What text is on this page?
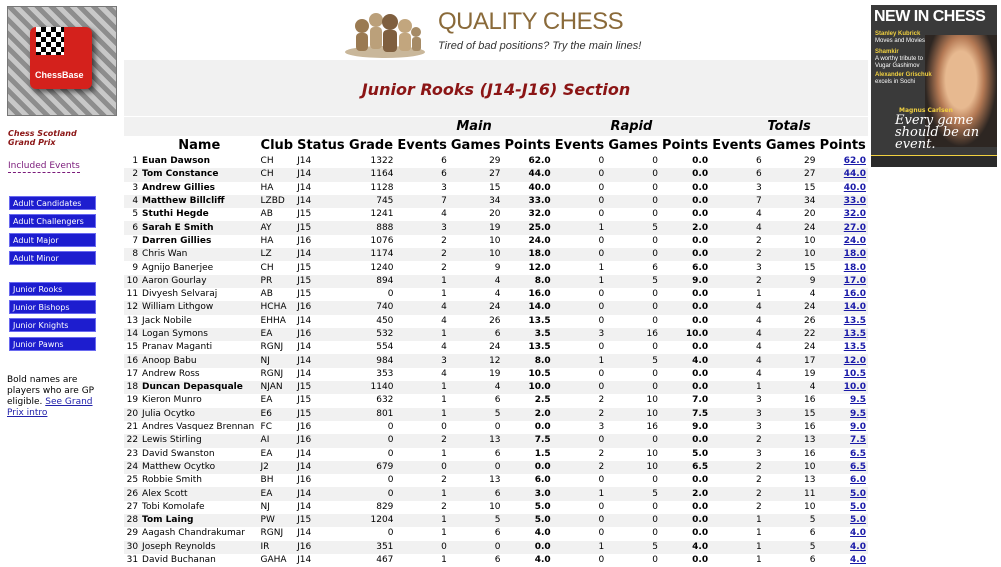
ChessBase
Chess Scotland
Grand Prix
Included Events
Adult Candidates
Adult Challengers
Adult Major
Adult Minor
Junior Rooks
Junior Bishops
Junior Knights
Junior Pawns
Bold names are players who are GP eligible. See Grand Prix intro
QUALITY CHESS
Tired of bad positions? Try the main lines!
NEW IN CHESS
Stanley Kubrick
Moves and Movies
Shamkir
A worthy tribute to Vugar Gashimov
Alexander Grischuk
excels in Sochi
Magnus Carlsen
Every game should be an event.
Junior Rooks (J14-J16) Section
					Main			Rapid			Totals		
	Name	Club	Status	Grade	Events	Games	Points	Events	Games	Points	Events	Games	Points
1	Euan Dawson	CH	J14	1322	6	29	62.0	0	0	0.0	6	29	62.0
2	Tom Constance	CH	J14	1164	6	27	44.0	0	0	0.0	6	27	44.0
3	Andrew Gillies	HA	J14	1128	3	15	40.0	0	0	0.0	3	15	40.0
4	Matthew Billcliff	LZBD	J14	745	7	34	33.0	0	0	0.0	7	34	33.0
5	Stuthi Hegde	AB	J15	1241	4	20	32.0	0	0	0.0	4	20	32.0
6	Sarah E Smith	AY	J15	888	3	19	25.0	1	5	2.0	4	24	27.0
7	Darren Gillies	HA	J16	1076	2	10	24.0	0	0	0.0	2	10	24.0
8	Chris Wan	LZ	J14	1174	2	10	18.0	0	0	0.0	2	10	18.0
9	Agnijo Banerjee	CH	J15	1240	2	9	12.0	1	6	6.0	3	15	18.0
10	Aaron Gourlay	PR	J15	894	1	4	8.0	1	5	9.0	2	9	17.0
11	Divyesh Selvaraj	AB	J15	0	1	4	16.0	0	0	0.0	1	4	16.0
12	William Lithgow	HCHA	J16	740	4	24	14.0	0	0	0.0	4	24	14.0
13	Jack Nobile	EHHA	J14	450	4	26	13.5	0	0	0.0	4	26	13.5
14	Logan Symons	EA	J16	532	1	6	3.5	3	16	10.0	4	22	13.5
15	Pranav Maganti	RGNJ	J14	554	4	24	13.5	0	0	0.0	4	24	13.5
16	Anoop Babu	NJ	J14	984	3	12	8.0	1	5	4.0	4	17	12.0
17	Andrew Ross	RGNJ	J14	353	4	19	10.5	0	0	0.0	4	19	10.5
18	Duncan Depasquale	NJAN	J15	1140	1	4	10.0	0	0	0.0	1	4	10.0
19	Kieron Munro	EA	J15	632	1	6	2.5	2	10	7.0	3	16	9.5
20	Julia Ocytko	E6	J15	801	1	5	2.0	2	10	7.5	3	15	9.5
21	Andres Vasquez Brennan	FC	J16	0	0	0	0.0	3	16	9.0	3	16	9.0
22	Lewis Stirling	AI	J16	0	2	13	7.5	0	0	0.0	2	13	7.5
23	David Swanston	EA	J14	0	1	6	1.5	2	10	5.0	3	16	6.5
24	Matthew Ocytko	J2	J14	679	0	0	0.0	2	10	6.5	2	10	6.5
25	Robbie Smith	BH	J16	0	2	13	6.0	0	0	0.0	2	13	6.0
26	Alex Scott	EA	J14	0	1	6	3.0	1	5	2.0	2	11	5.0
27	Tobi Komolafe	NJ	J14	829	2	10	5.0	0	0	0.0	2	10	5.0
28	Tom Laing	PW	J15	1204	1	5	5.0	0	0	0.0	1	5	5.0
29	Aagash Chandrakumar	RGNJ	J14	0	1	6	4.0	0	0	0.0	1	6	4.0
30	Joseph Reynolds	IR	J16	351	0	0	0.0	1	5	4.0	1	5	4.0
31	David Buchanan	GAHA	J14	467	1	6	4.0	0	0	0.0	1	6	4.0
